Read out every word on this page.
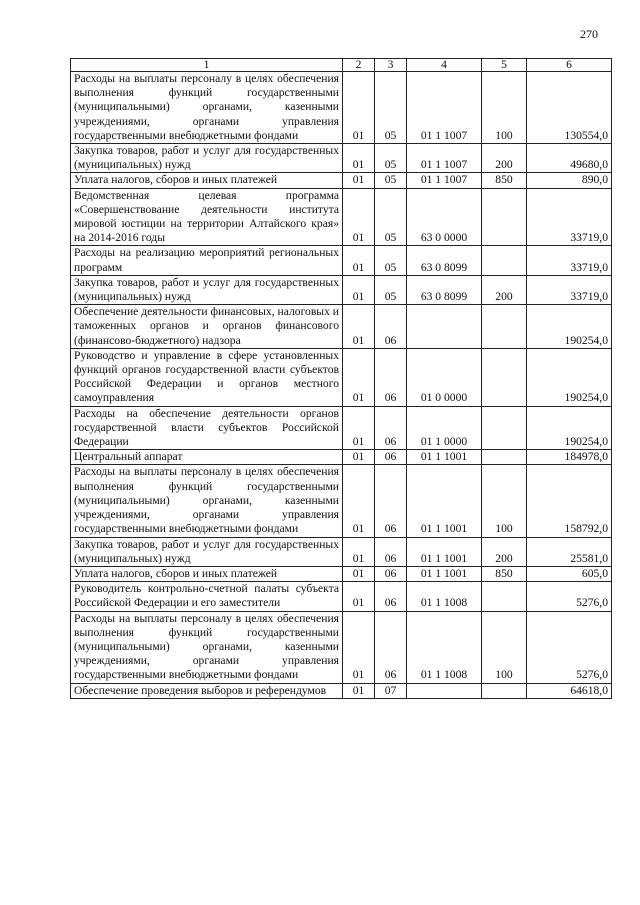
270
1	2	3	4	5	6
Расходы на выплаты персоналу в целях обеспечения выполнения функций государственными (муниципальными) органами, казенными учреждениями, органами управления государственными внебюджетными фондами	01	05	01 1 1007	100	130554,0
Закупка товаров, работ и услуг для государственных (муниципальных) нужд	01	05	01 1 1007	200	49680,0
Уплата налогов, сборов и иных платежей	01	05	01 1 1007	850	890,0
Ведомственная целевая программа «Совершенствование деятельности института мировой юстиции на территории Алтайского края» на 2014-2016 годы	01	05	63 0 0000		33719,0
Расходы на реализацию мероприятий региональных программ	01	05	63 0 8099		33719,0
Закупка товаров, работ и услуг для государственных (муниципальных) нужд	01	05	63 0 8099	200	33719,0
Обеспечение деятельности финансовых, налоговых и таможенных органов и органов финансового (финансово-бюджетного) надзора	01	06			190254,0
Руководство и управление в сфере установленных функций органов государственной власти субъектов Российской Федерации и органов местного самоуправления	01	06	01 0 0000		190254,0
Расходы на обеспечение деятельности органов государственной власти субъектов Российской Федерации	01	06	01 1 0000		190254,0
Центральный аппарат	01	06	01 1 1001		184978,0
Расходы на выплаты персоналу в целях обеспечения выполнения функций государственными (муниципальными) органами, казенными учреждениями, органами управления государственными внебюджетными фондами	01	06	01 1 1001	100	158792,0
Закупка товаров, работ и услуг для государственных (муниципальных) нужд	01	06	01 1 1001	200	25581,0
Уплата налогов, сборов и иных платежей	01	06	01 1 1001	850	605,0
Руководитель контрольно-счетной палаты субъекта Российской Федерации и его заместители	01	06	01 1 1008		5276,0
Расходы на выплаты персоналу в целях обеспечения выполнения функций государственными (муниципальными) органами, казенными учреждениями, органами управления государственными внебюджетными фондами	01	06	01 1 1008	100	5276,0
Обеспечение проведения выборов и референдумов	01	07			64618,0
